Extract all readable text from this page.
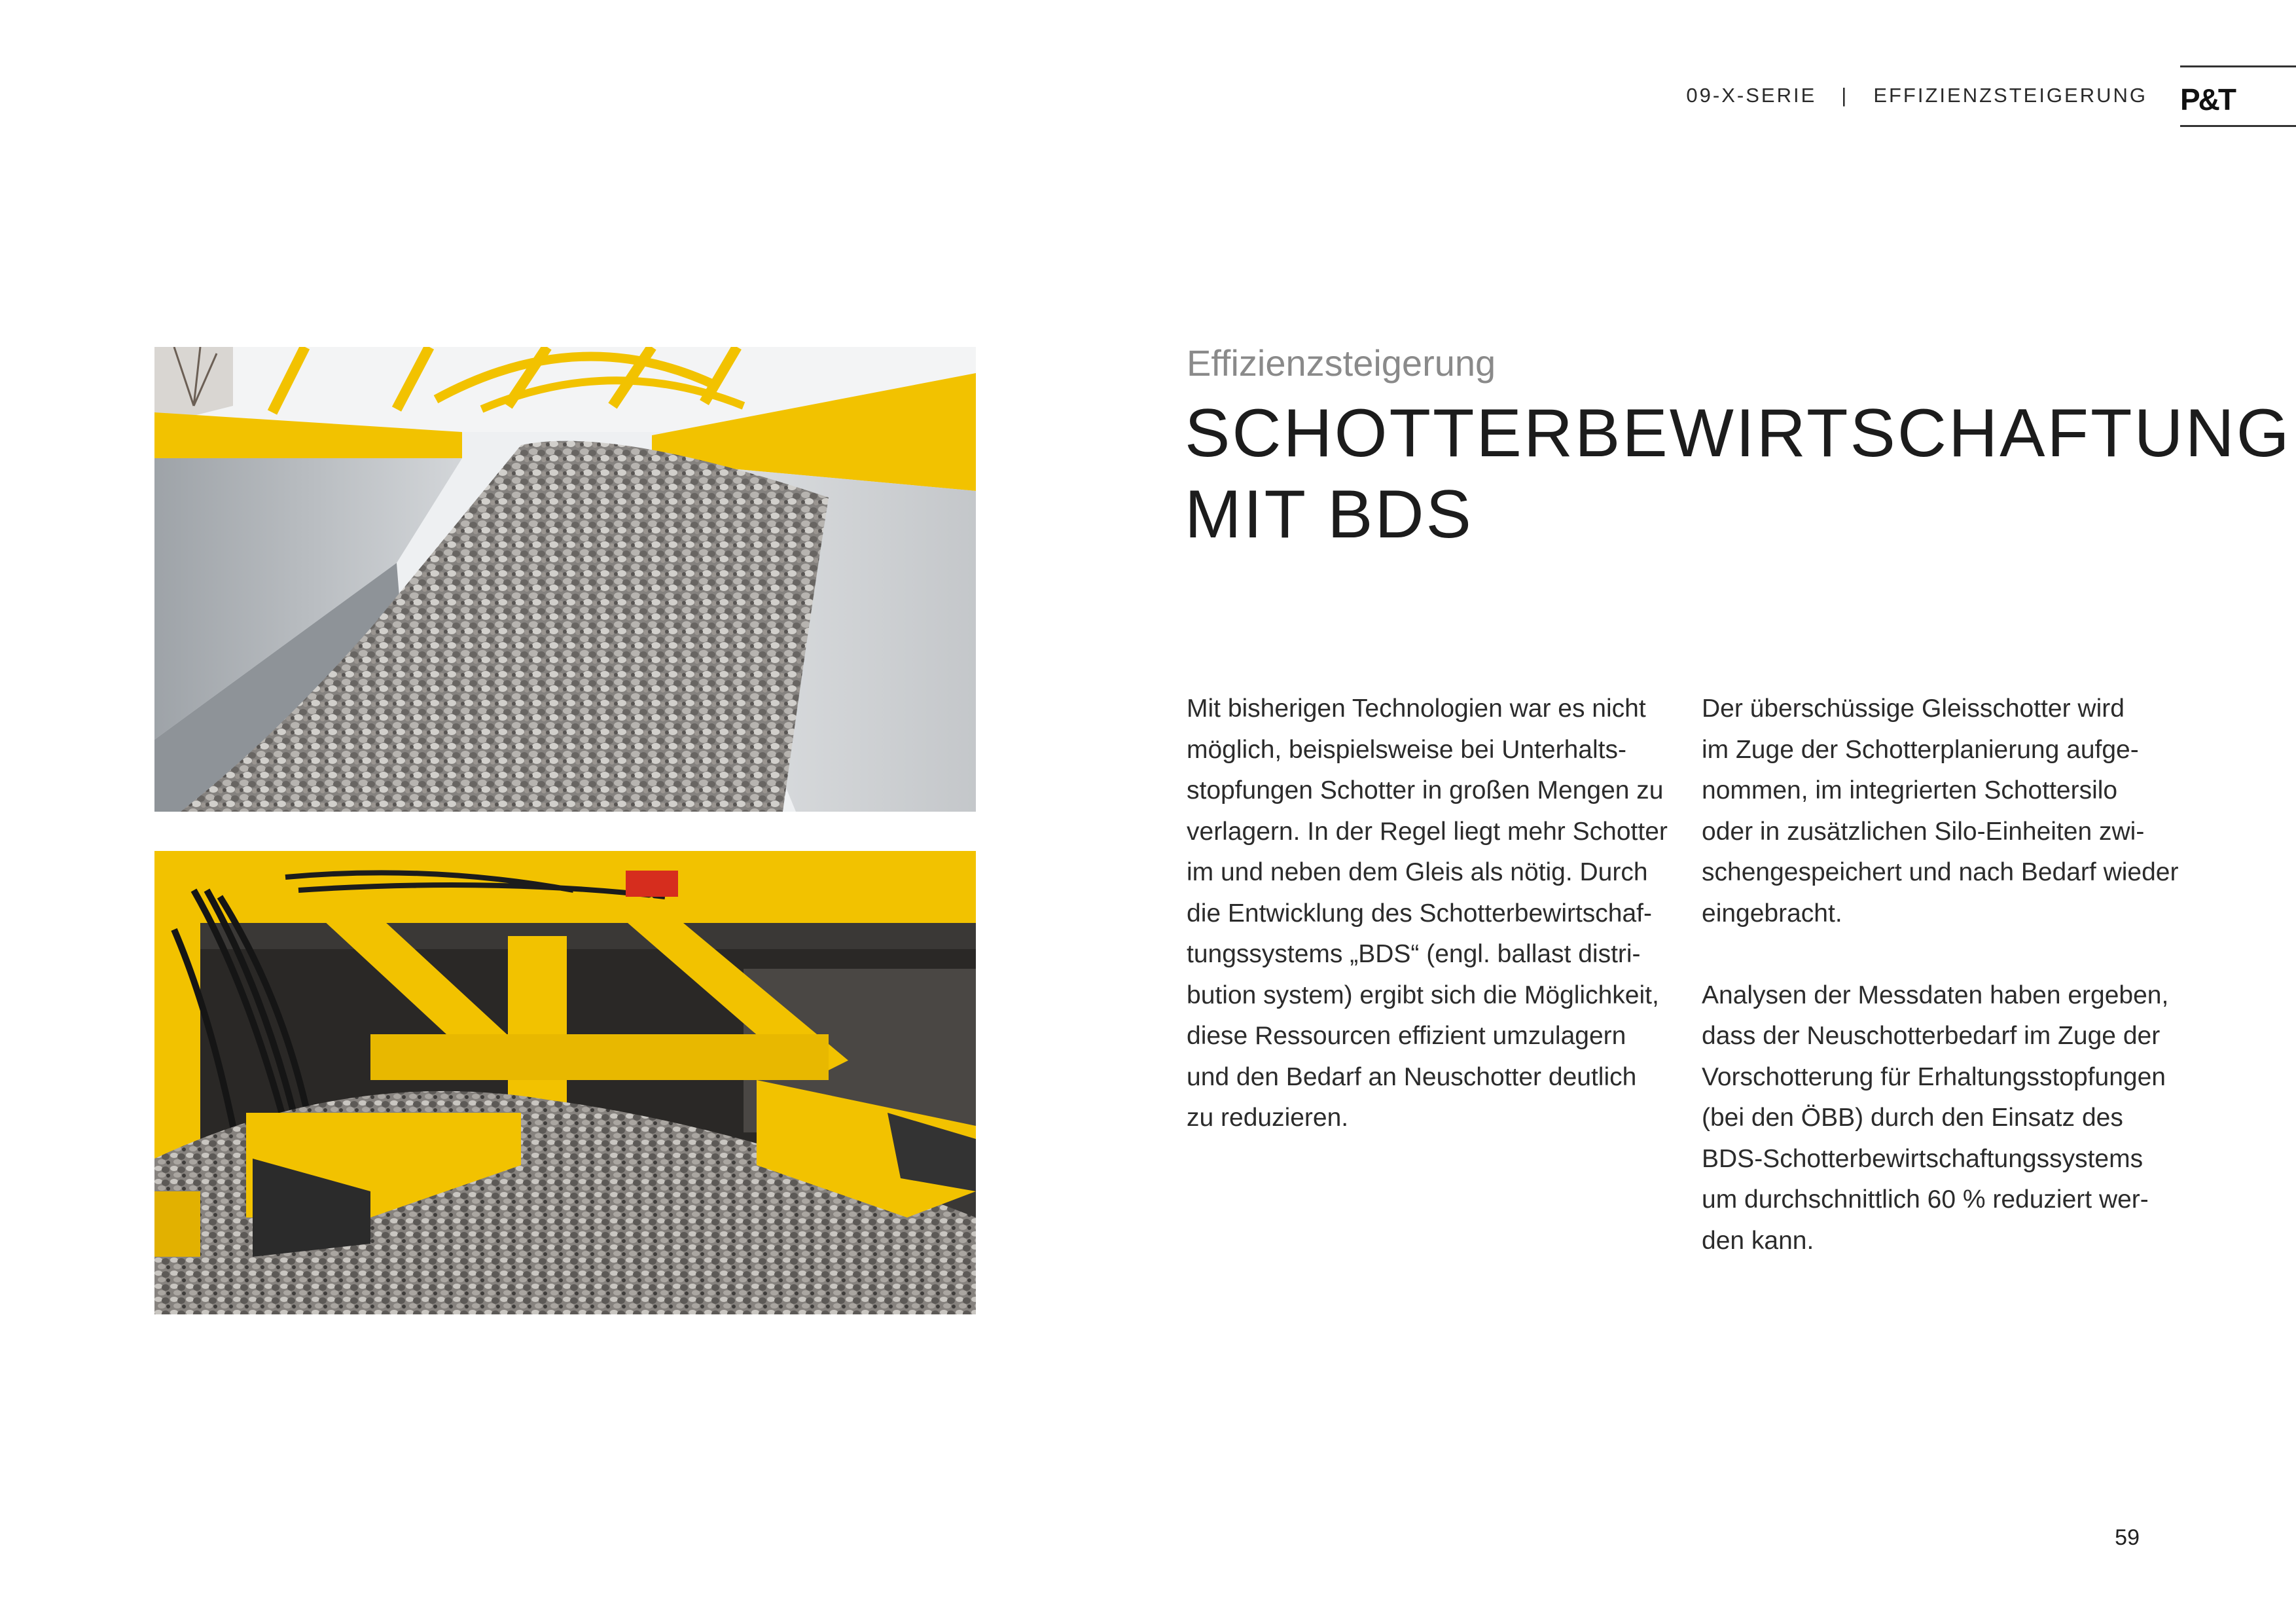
09-X-SERIE | EFFIZIENZSTEIGERUNG P&T
Effizienzsteigerung
SCHOTTERBEWIRTSCHAFTUNG
MIT BDS

Mit bisherigen Technologien war es nicht
möglich, beispielsweise bei Unterhalts-
stopfungen Schotter in großen Mengen zu
verlagern. In der Regel liegt mehr Schotter
im und neben dem Gleis als nötig. Durch
die Entwicklung des Schotterbewirtschaf-
tungssystems „BDS“ (engl. ballast distri-
bution system) ergibt sich die Möglichkeit,
diese Ressourcen effizient umzulagern
und den Bedarf an Neuschotter deutlich
zu reduzieren.

Der überschüssige Gleisschotter wird
im Zuge der Schotterplanierung aufge-
nommen, im integrierten Schottersilo
oder in zusätzlichen Silo-Einheiten zwi-
schengespeichert und nach Bedarf wieder
eingebracht.

Analysen der Messdaten haben ergeben,
dass der Neuschotterbedarf im Zuge der
Vorschotterung für Erhaltungsstopfungen
(bei den ÖBB) durch den Einsatz des
BDS-Schotterbewirtschaftungssystems
um durchschnittlich 60 % reduziert wer-
den kann.

59
